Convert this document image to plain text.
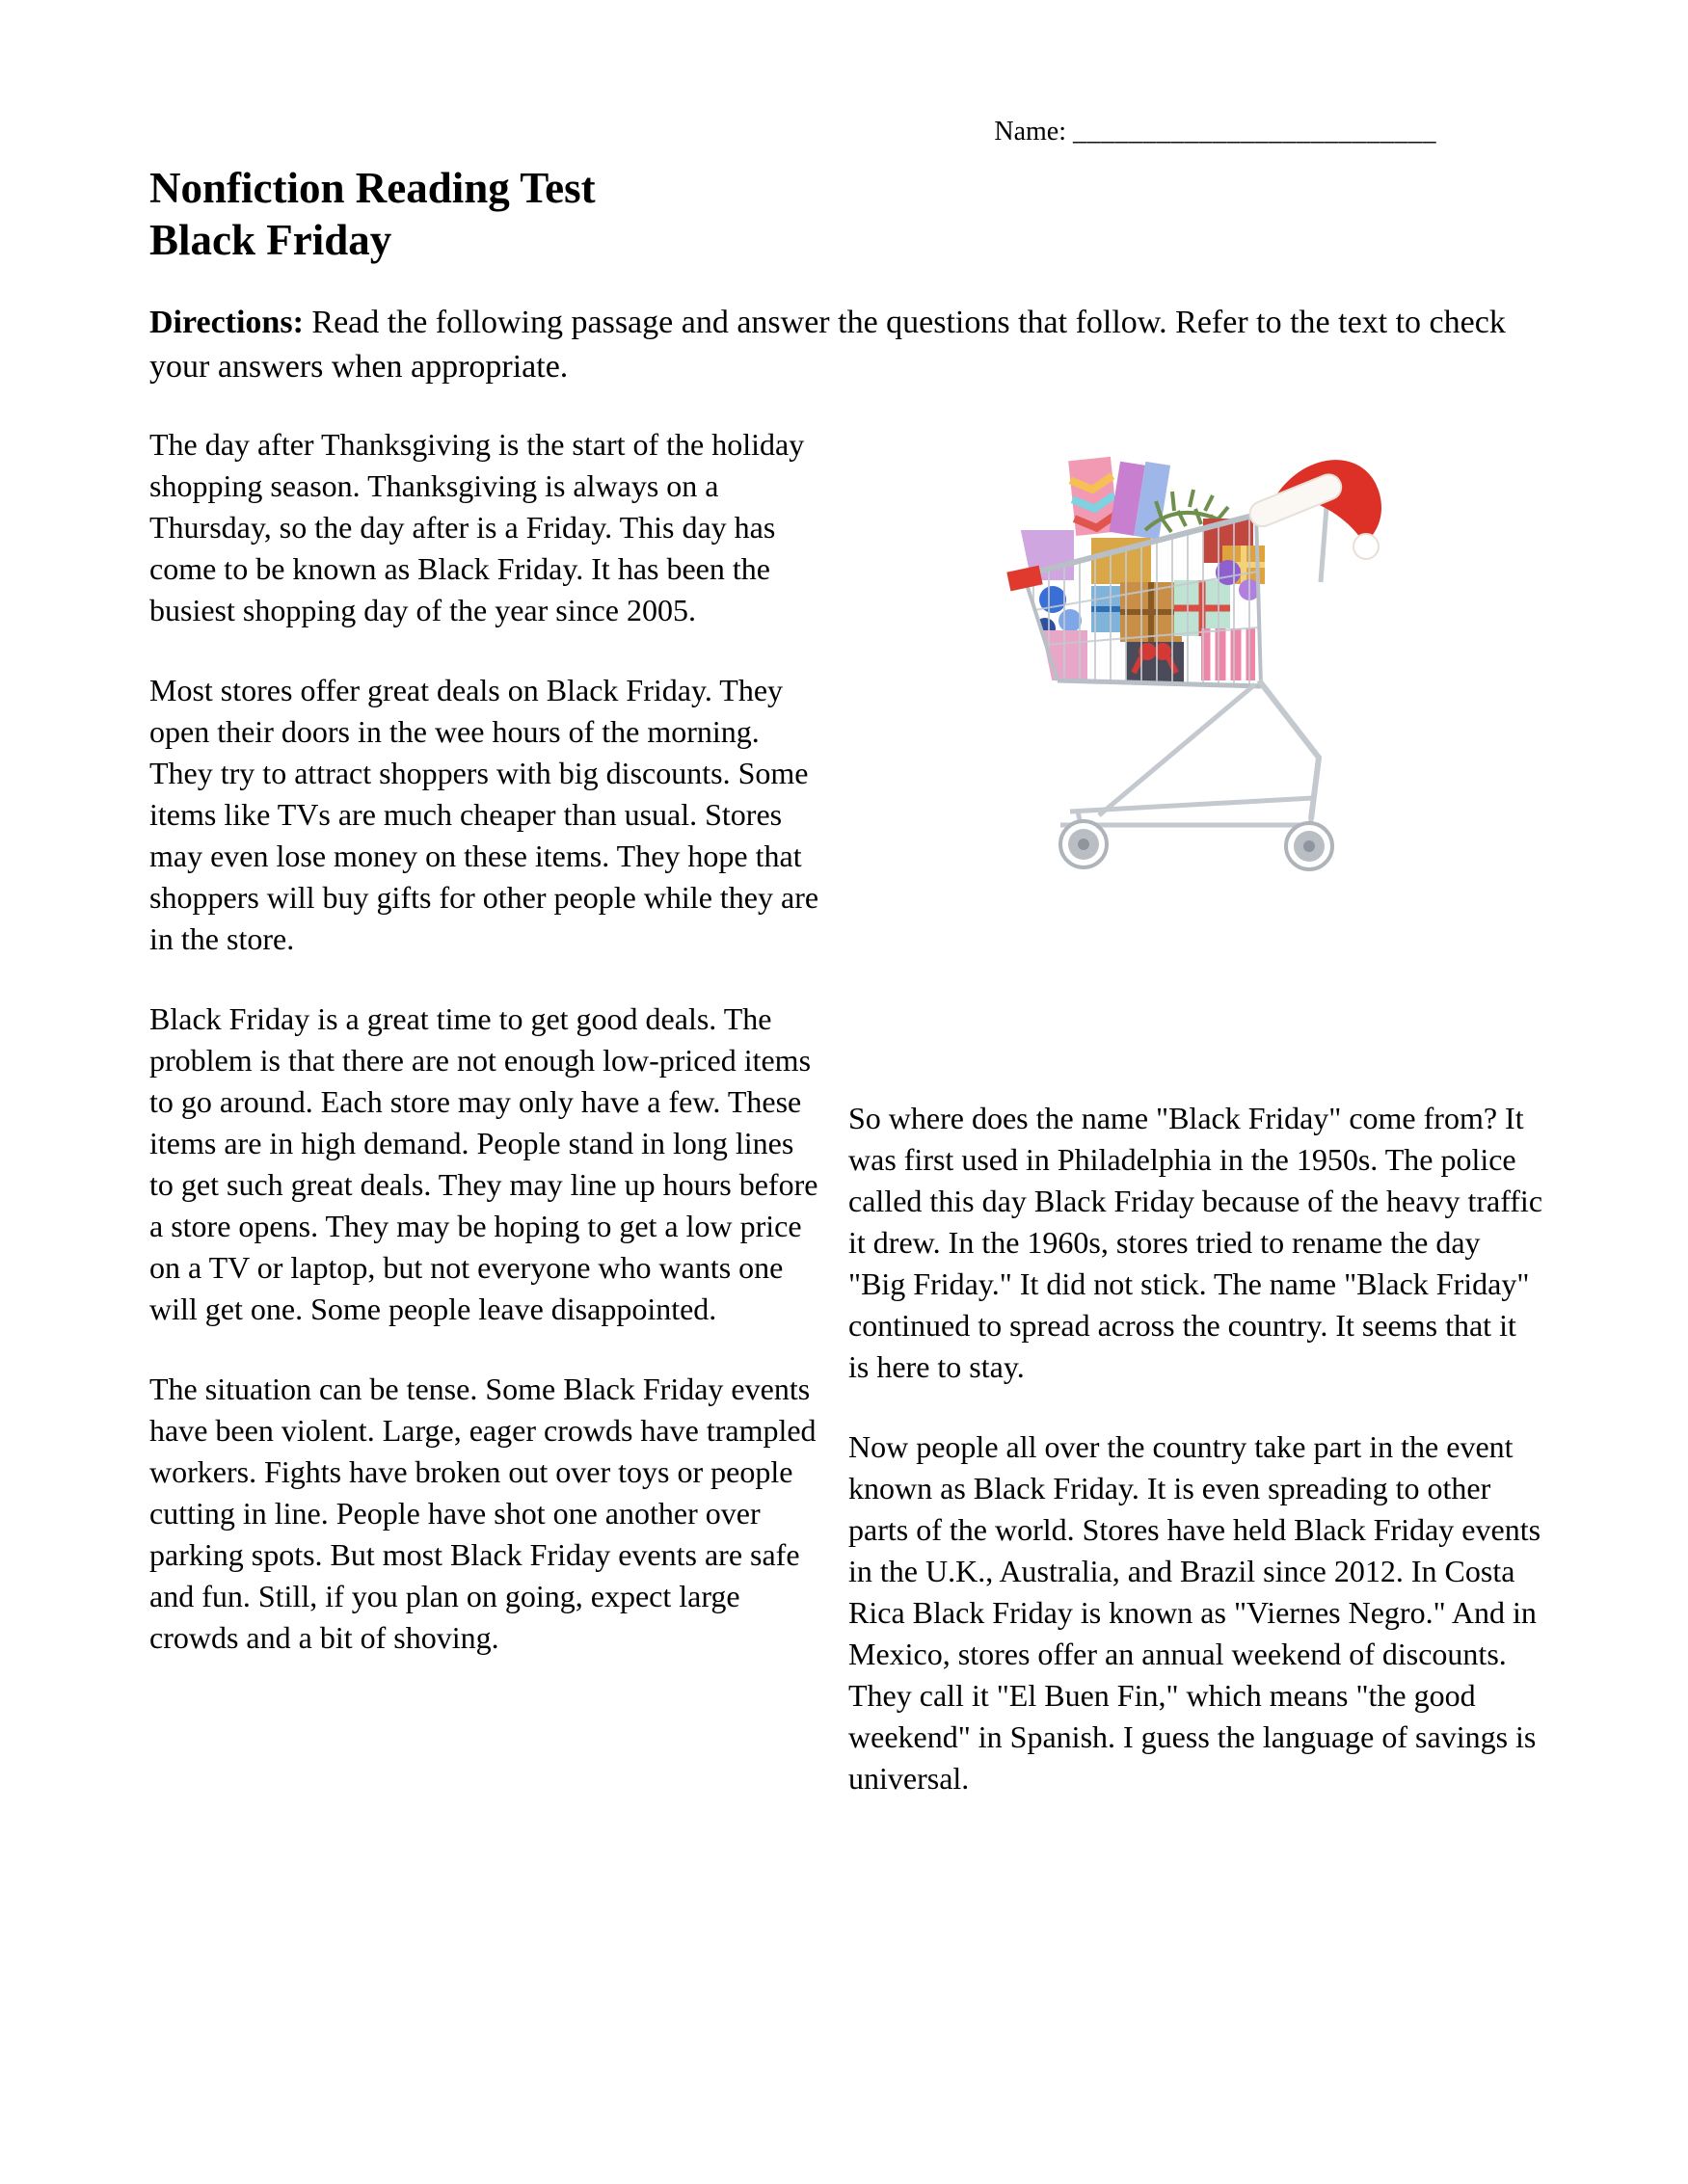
Name: __________________________
Nonfiction Reading Test
Black Friday
Directions: Read the following passage and answer the questions that follow. Refer to the text to check your answers when appropriate.

The day after Thanksgiving is the start of the holiday shopping season. Thanksgiving is always on a Thursday, so the day after is a Friday. This day has come to be known as Black Friday. It has been the busiest shopping day of the year since 2005.

Most stores offer great deals on Black Friday. They open their doors in the wee hours of the morning. They try to attract shoppers with big discounts. Some items like TVs are much cheaper than usual. Stores may even lose money on these items. They hope that shoppers will buy gifts for other people while they are in the store.

Black Friday is a great time to get good deals. The problem is that there are not enough low-priced items to go around. Each store may only have a few. These items are in high demand. People stand in long lines to get such great deals. They may line up hours before a store opens. They may be hoping to get a low price on a TV or laptop, but not everyone who wants one will get one. Some people leave disappointed.

The situation can be tense. Some Black Friday events have been violent. Large, eager crowds have trampled workers. Fights have broken out over toys or people cutting in line. People have shot one another over parking spots. But most Black Friday events are safe and fun. Still, if you plan on going, expect large crowds and a bit of shoving.

So where does the name "Black Friday" come from? It was first used in Philadelphia in the 1950s. The police called this day Black Friday because of the heavy traffic it drew. In the 1960s, stores tried to rename the day "Big Friday." It did not stick. The name "Black Friday" continued to spread across the country. It seems that it is here to stay.

Now people all over the country take part in the event known as Black Friday. It is even spreading to other parts of the world. Stores have held Black Friday events in the U.K., Australia, and Brazil since 2012. In Costa Rica Black Friday is known as "Viernes Negro." And in Mexico, stores offer an annual weekend of discounts. They call it "El Buen Fin," which means "the good weekend" in Spanish. I guess the language of savings is universal.
